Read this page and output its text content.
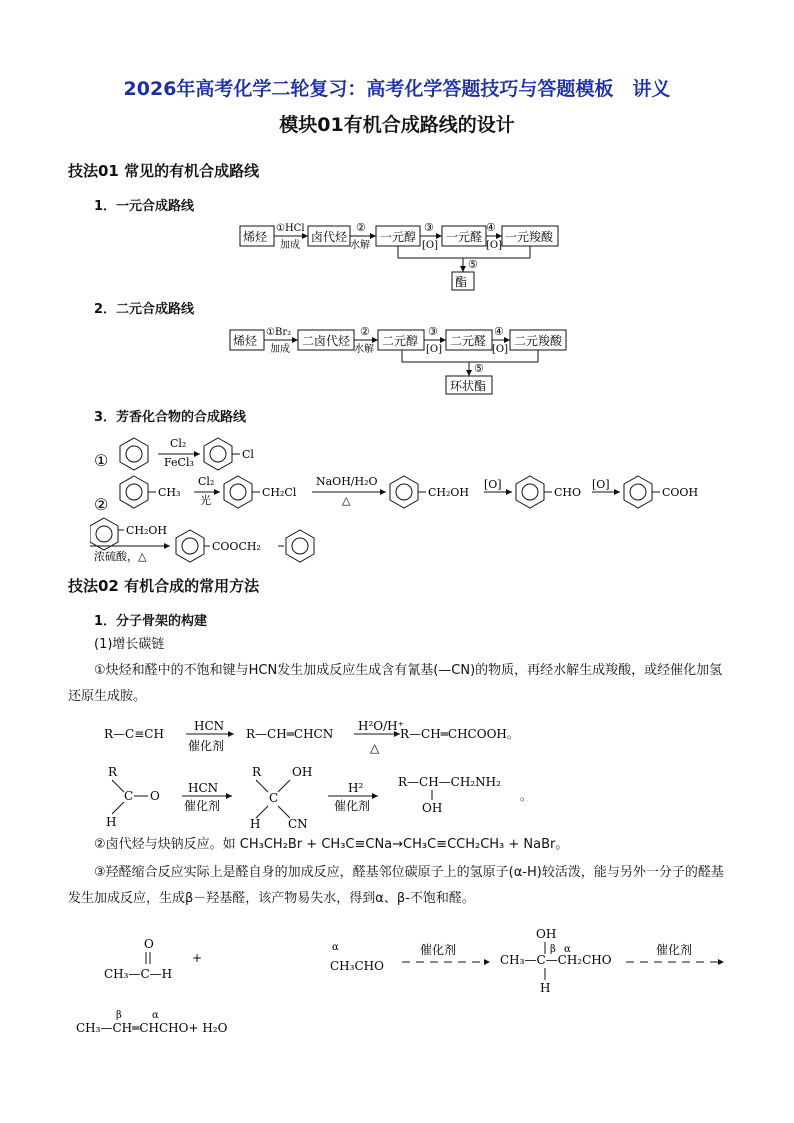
2026年高考化学二轮复习：高考化学答题技巧与答题模板　讲义
模块01有机合成路线的设计
技法01 常见的有机合成路线
1．一元合成路线
烯烃	卤代烃	一元醇 一元醛 一元羧酸
酯
①HCl
加成
②
水解
③
[O]
④
[O]
⑤
2．二元合成路线
烯烃	二卤代烃	二元醇	二元醛 二元羧酸
环状酯
①Br₂
加成
②
水解
③
[O]
④
[O]
⑤
3．芳香化合物的合成路线
①
Cl₂
FeCl₃
Cl
②
CH₃
Cl₂
光
CH₂Cl
NaOH/H₂O
△
CH₂OH
[O]
CHO
[O]
COOH
CH₂OH
浓硫酸，△
COOCH₂
技法02 有机合成的常用方法
1．分子骨架的构建
(1)增长碳链
①炔烃和醛中的不饱和键与HCN发生加成反应生成含有氰基(—CN)的物质，再经水解生成羧酸，或经催化加氢还原生成胺。
R—C≡CH
HCN
催化剂
R—CH═CHCN
H²O/H⁺
△
R—CH═CHCOOH。
R
C O
H
HCN
催化剂
R	OH
C
H CN
H²
催化剂
R—CH—CH₂NH₂
OH
。
②卤代烃与炔钠反应。如 CH₃CH₂Br + CH₃C≡CNa→CH₃C≡CCH₂CH₃ + NaBr。
③羟醛缩合反应实际上是醛自身的加成反应，醛基邻位碳原子上的氢原子(α-H)较活泼，能与另外一分子的醛基发生加成反应，生成β－羟基醛，该产物易失水，得到α、β-不饱和醛。
O
CH₃—C—H
+
α
CH₃CHO
催化剂
OH
β α
CH₃—C—CH₂CHO
H
催化剂
β	α
CH₃—CH═CHCHO+ H₂O
